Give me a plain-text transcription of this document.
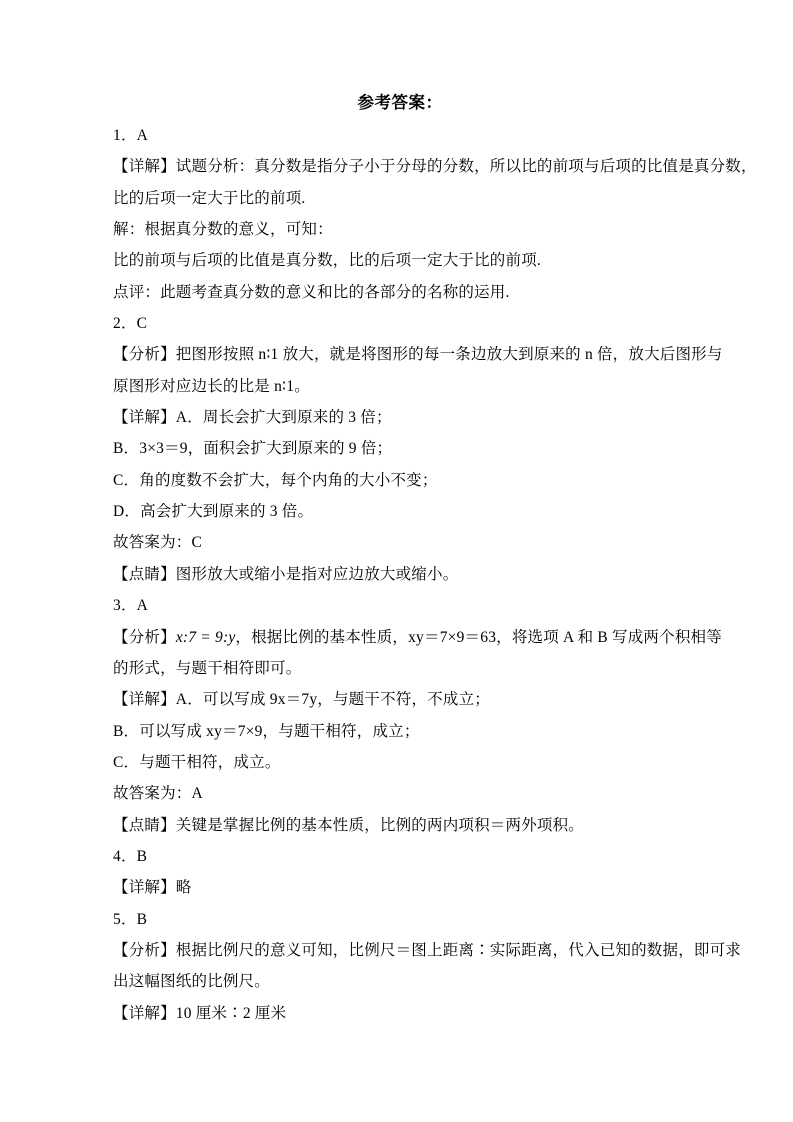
参考答案：
1．A
【详解】试题分析：真分数是指分子小于分母的分数，所以比的前项与后项的比值是真分数，
比的后项一定大于比的前项.
解：根据真分数的意义，可知：
比的前项与后项的比值是真分数，比的后项一定大于比的前项.
点评：此题考查真分数的意义和比的各部分的名称的运用.
2．C
【分析】把图形按照 n∶1 放大，就是将图形的每一条边放大到原来的 n 倍，放大后图形与
原图形对应边长的比是 n∶1。
【详解】A．周长会扩大到原来的 3 倍；
B．3×3＝9，面积会扩大到原来的 9 倍；
C．角的度数不会扩大，每个内角的大小不变；
D．高会扩大到原来的 3 倍。
故答案为：C
【点睛】图形放大或缩小是指对应边放大或缩小。
3．A
【分析】x:7 = 9:y，根据比例的基本性质，xy＝7×9＝63，将选项 A 和 B 写成两个积相等
的形式，与题干相符即可。
【详解】A．可以写成 9x＝7y，与题干不符，不成立；
B．可以写成 xy＝7×9，与题干相符，成立；
C．与题干相符，成立。
故答案为：A
【点睛】关键是掌握比例的基本性质，比例的两内项积＝两外项积。
4．B
【详解】略
5．B
【分析】根据比例尺的意义可知，比例尺＝图上距离∶实际距离，代入已知的数据，即可求
出这幅图纸的比例尺。
【详解】10 厘米∶2 厘米
